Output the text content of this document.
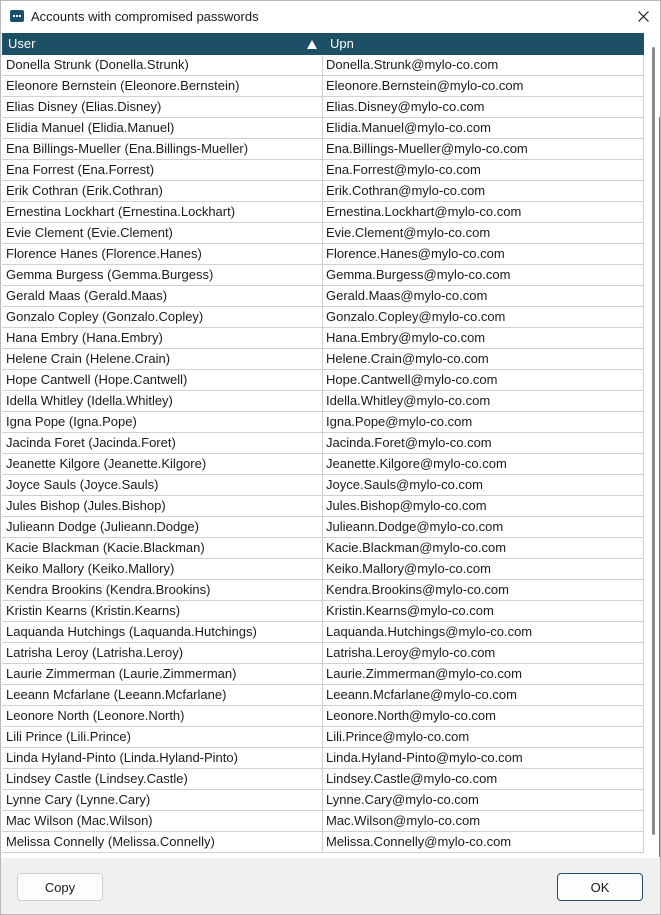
Accounts with compromised passwords
User	Upn
Donella Strunk (Donella.Strunk)	Donella.Strunk@mylo-co.com
Eleonore Bernstein (Eleonore.Bernstein)	Eleonore.Bernstein@mylo-co.com
Elias Disney (Elias.Disney)	Elias.Disney@mylo-co.com
Elidia Manuel (Elidia.Manuel)	Elidia.Manuel@mylo-co.com
Ena Billings-Mueller (Ena.Billings-Mueller)	Ena.Billings-Mueller@mylo-co.com
Ena Forrest (Ena.Forrest)	Ena.Forrest@mylo-co.com
Erik Cothran (Erik.Cothran)	Erik.Cothran@mylo-co.com
Ernestina Lockhart (Ernestina.Lockhart)	Ernestina.Lockhart@mylo-co.com
Evie Clement (Evie.Clement)	Evie.Clement@mylo-co.com
Florence Hanes (Florence.Hanes)	Florence.Hanes@mylo-co.com
Gemma Burgess (Gemma.Burgess)	Gemma.Burgess@mylo-co.com
Gerald Maas (Gerald.Maas)	Gerald.Maas@mylo-co.com
Gonzalo Copley (Gonzalo.Copley)	Gonzalo.Copley@mylo-co.com
Hana Embry (Hana.Embry)	Hana.Embry@mylo-co.com
Helene Crain (Helene.Crain)	Helene.Crain@mylo-co.com
Hope Cantwell (Hope.Cantwell)	Hope.Cantwell@mylo-co.com
Idella Whitley (Idella.Whitley)	Idella.Whitley@mylo-co.com
Igna Pope (Igna.Pope)	Igna.Pope@mylo-co.com
Jacinda Foret (Jacinda.Foret)	Jacinda.Foret@mylo-co.com
Jeanette Kilgore (Jeanette.Kilgore)	Jeanette.Kilgore@mylo-co.com
Joyce Sauls (Joyce.Sauls)	Joyce.Sauls@mylo-co.com
Jules Bishop (Jules.Bishop)	Jules.Bishop@mylo-co.com
Julieann Dodge (Julieann.Dodge)	Julieann.Dodge@mylo-co.com
Kacie Blackman (Kacie.Blackman)	Kacie.Blackman@mylo-co.com
Keiko Mallory (Keiko.Mallory)	Keiko.Mallory@mylo-co.com
Kendra Brookins (Kendra.Brookins)	Kendra.Brookins@mylo-co.com
Kristin Kearns (Kristin.Kearns)	Kristin.Kearns@mylo-co.com
Laquanda Hutchings (Laquanda.Hutchings)	Laquanda.Hutchings@mylo-co.com
Latrisha Leroy (Latrisha.Leroy)	Latrisha.Leroy@mylo-co.com
Laurie Zimmerman (Laurie.Zimmerman)	Laurie.Zimmerman@mylo-co.com
Leeann Mcfarlane (Leeann.Mcfarlane)	Leeann.Mcfarlane@mylo-co.com
Leonore North (Leonore.North)	Leonore.North@mylo-co.com
Lili Prince (Lili.Prince)	Lili.Prince@mylo-co.com
Linda Hyland-Pinto (Linda.Hyland-Pinto)	Linda.Hyland-Pinto@mylo-co.com
Lindsey Castle (Lindsey.Castle)	Lindsey.Castle@mylo-co.com
Lynne Cary (Lynne.Cary)	Lynne.Cary@mylo-co.com
Mac Wilson (Mac.Wilson)	Mac.Wilson@mylo-co.com
Melissa Connelly (Melissa.Connelly)	Melissa.Connelly@mylo-co.com
Copy	OK
